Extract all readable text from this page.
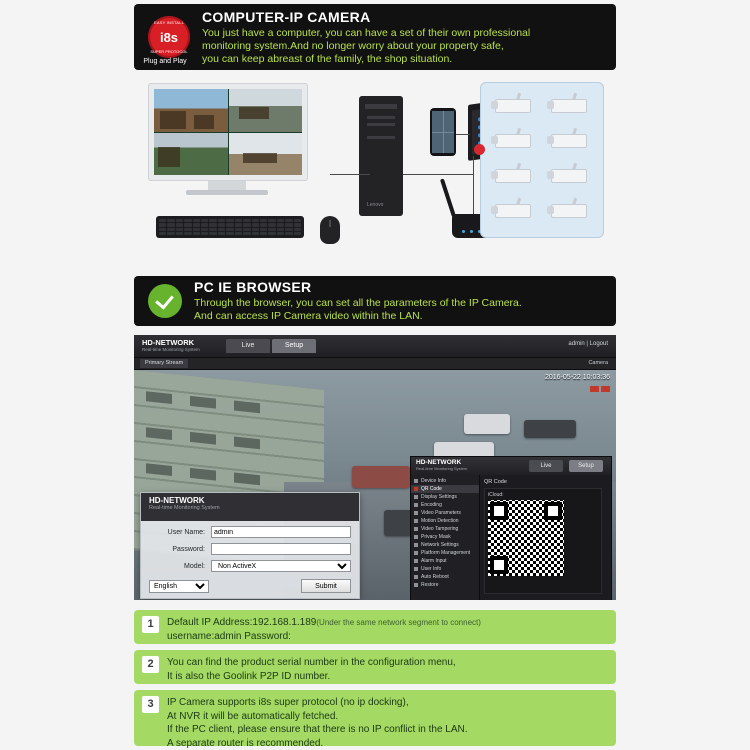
EASY INSTALL
i8s
SUPER PROTOCOL
COMPUTER-IP CAMERA
You just have a computer, you can have a set of their own professional
monitoring system.And no longer worry about your property safe,
you can keep abreast of the family, the shop situation.
Plug and Play
Lenovo
PC IE BROWSER
Through the browser, you can set all the parameters of the IP Camera.
And can access IP Camera video within the LAN.
HD-NETWORK
Real-time Monitoring System
Live	Setup	admin | Logout
Primary Stream	Camera
2016-05-22 10:03:36
HD-NETWORK
Real-time Monitoring System
User Name:
admin
Password:
Model:
Non ActiveX
English
Submit
HD-NETWORK
Real-time Monitoring System	Live	Setup
Device Info
QR Code
Display Settings
Encoding
Video Parameters
Motion Detection
Video Tampering
Privacy Mask
Network Settings
Platform Management
Alarm Input
User Info
Auto Reboot
Restore
QR Code
iCloud:
1	Default IP Address:192.168.1.189(Under the same network segment to connect)
username:admin Password:
2	You can find the product serial number in the configuration menu,
It is also the Goolink P2P ID number.
3	IP Camera supports i8s super protocol (no ip docking),
At NVR it will be automatically fetched.
If the PC client, please ensure that there is no IP conflict in the LAN.
A separate router is recommended.
